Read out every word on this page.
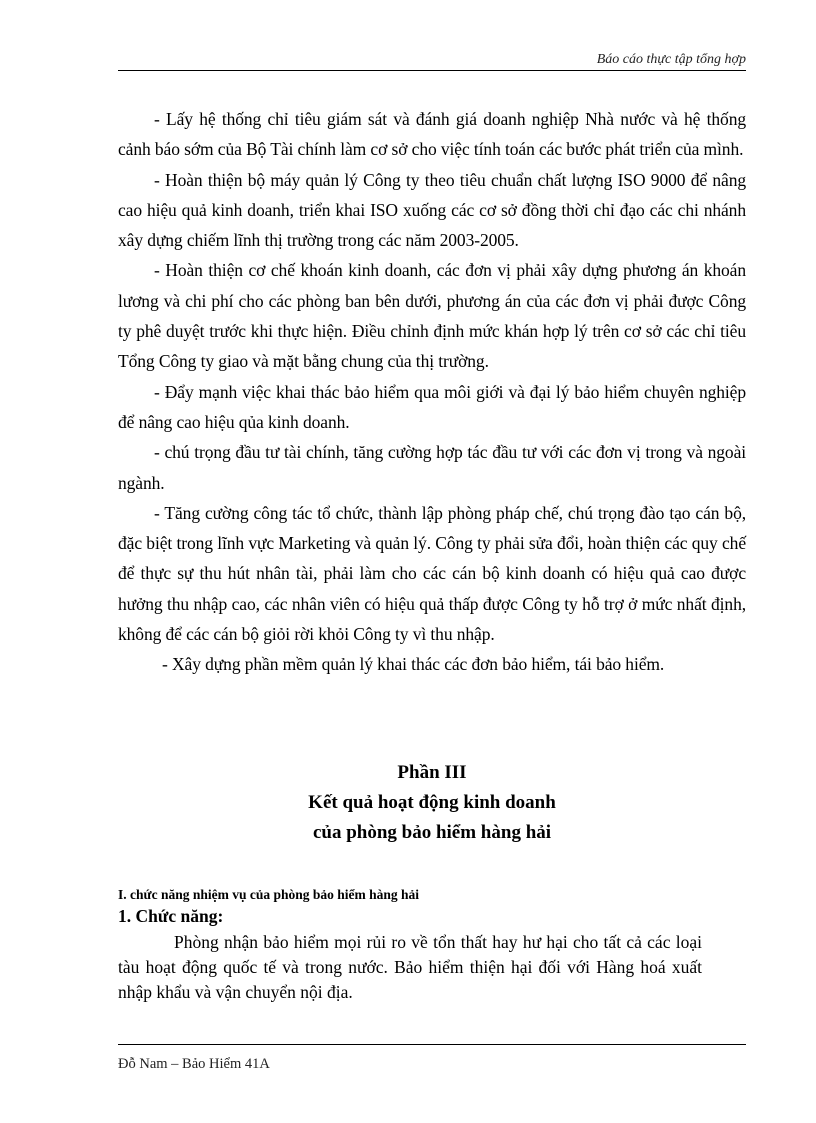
Báo cáo thực tập tổng hợp

- Lấy hệ thống chỉ tiêu giám sát và đánh giá doanh nghiệp Nhà nước và hệ thống cảnh báo sớm của Bộ Tài chính làm cơ sở cho việc tính toán các bước phát triển của mình.

- Hoàn thiện bộ máy quản lý Công ty theo tiêu chuẩn chất lượng ISO 9000 để nâng cao hiệu quả kinh doanh, triển khai ISO xuống các cơ sở đồng thời chỉ đạo các chi nhánh xây dựng chiếm lĩnh thị trường trong các năm 2003-2005.

- Hoàn thiện cơ chế khoán kinh doanh, các đơn vị phải xây dựng phương án khoán lương và chi phí cho các phòng ban bên dưới, phương án của các đơn vị phải được Công ty phê duyệt trước khi thực hiện. Điều chỉnh định mức khán hợp lý trên cơ sở các chỉ tiêu Tổng Công ty giao và mặt bằng chung của thị trường.

- Đẩy mạnh việc khai thác bảo hiểm qua môi giới và đại lý bảo hiểm chuyên nghiệp để nâng cao hiệu qủa kinh doanh.

- chú trọng đầu tư tài chính, tăng cường hợp tác đầu tư với các đơn vị trong và ngoài ngành.

- Tăng cường công tác tổ chức, thành lập phòng pháp chế, chú trọng đào tạo cán bộ, đặc biệt trong lĩnh vực Marketing và quản lý. Công ty phải sửa đổi, hoàn thiện các quy chế để thực sự thu hút nhân tài, phải làm cho các cán bộ kinh doanh có hiệu quả cao được hưởng thu nhập cao, các nhân viên có hiệu quả thấp được Công ty hỗ trợ ở mức nhất định, không để các cán bộ giỏi rời khỏi Công ty vì thu nhập.

- Xây dựng phần mềm quản lý khai thác các đơn bảo hiểm, tái bảo hiểm.

Phần III
Kết quả hoạt động kinh doanh
của phòng bảo hiểm hàng hải
I. chức năng nhiệm vụ của phòng bảo hiểm hàng hải
1. Chức năng:

Phòng nhận bảo hiểm mọi rủi ro về tổn thất hay hư hại cho tất cả các loại tàu hoạt động quốc tế và trong nước. Bảo hiểm thiện hại đối với Hàng hoá xuất nhập khẩu và vận chuyển nội địa.

Đỗ Nam – Bảo Hiểm 41A
